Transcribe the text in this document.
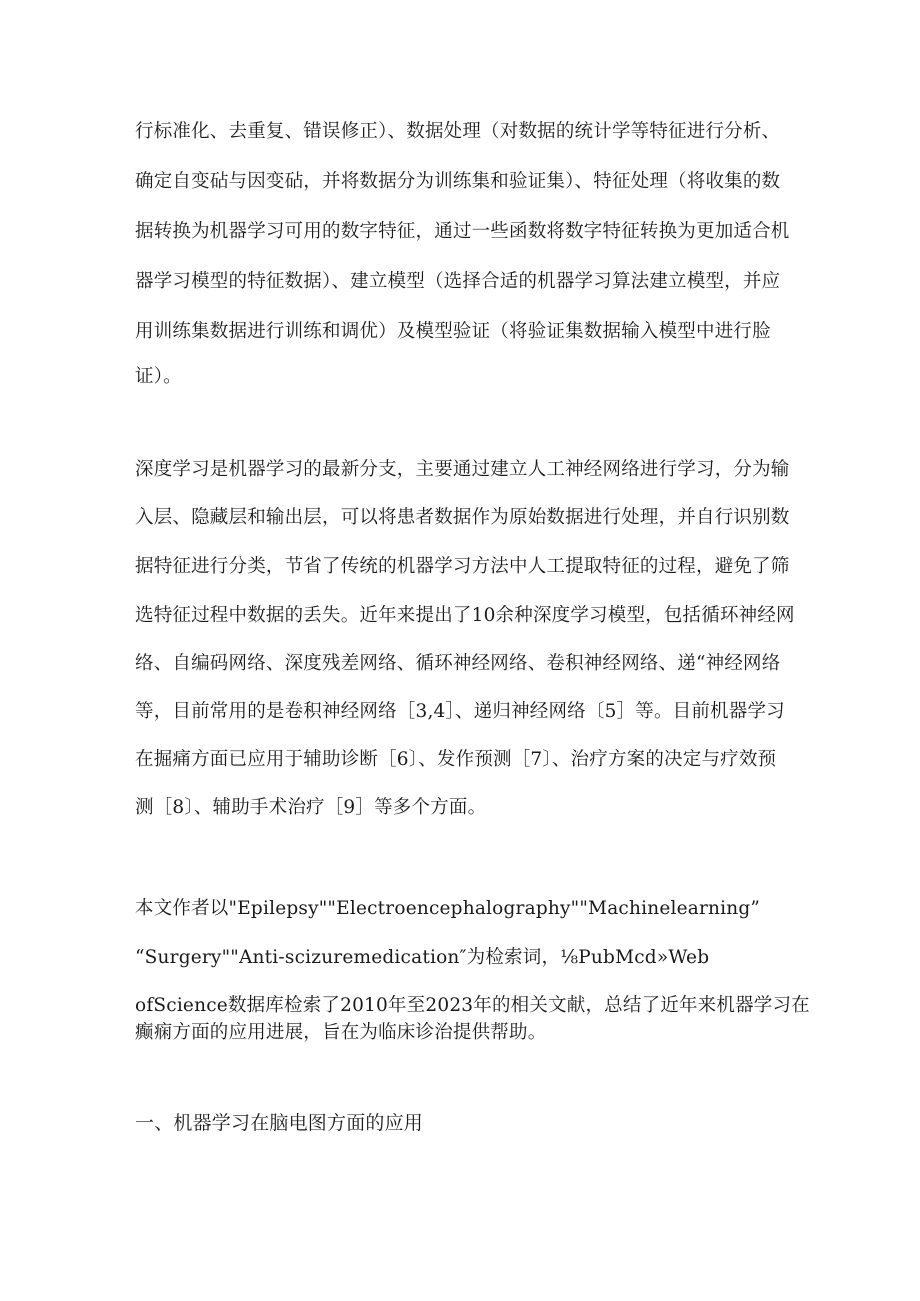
行标准化、去重复、错误修正）、数据处理（对数据的统计学等特征进行分析、
确定自变砧与因变砧，并将数据分为训练集和验证集）、特征处理（将收集的数
据转换为机器学习可用的数字特征，通过一些函数将数字特征转换为更加适合机
器学习模型的特征数据）、建立模型（选择合适的机器学习算法建立模型，并应
用训练集数据进行训练和调优）及模型验证（将验证集数据输入模型中进行脸
证）。
深度学习是机器学习的最新分支，主要通过建立人工神经网络进行学习，分为输
入层、隐藏层和输出层，可以将患者数据作为原始数据进行处理，并自行识别数
据特征进行分类，节省了传统的机器学习方法中人工提取特征的过程，避免了筛
选特征过程中数据的丢失。近年来提出了10余种深度学习模型，包括循环神经网
络、自编码网络、深度残差网络、循环神经网络、卷积神经网络、递“神经网络
等，目前常用的是卷积神经网络［3,4］、递归神经网络〔5］等。目前机器学习
在掘痛方面已应用于辅助诊断［6〕、发作预测［7〕、治疗方案的决定与疗效预
测［8〕、辅助手术治疗［9］等多个方面。
本文作者以"Epilepsy""Electroencephalography""Machinelearning”
“Surgery""Anti-scizuremedication″为检索词，⅛PubMcd»Web
ofScience数据库检索了2010年至2023年的相关文献，总结了近年来机器学习在
癫痫方面的应用进展，旨在为临床诊治提供帮助。
一、机器学习在脑电图方面的应用
